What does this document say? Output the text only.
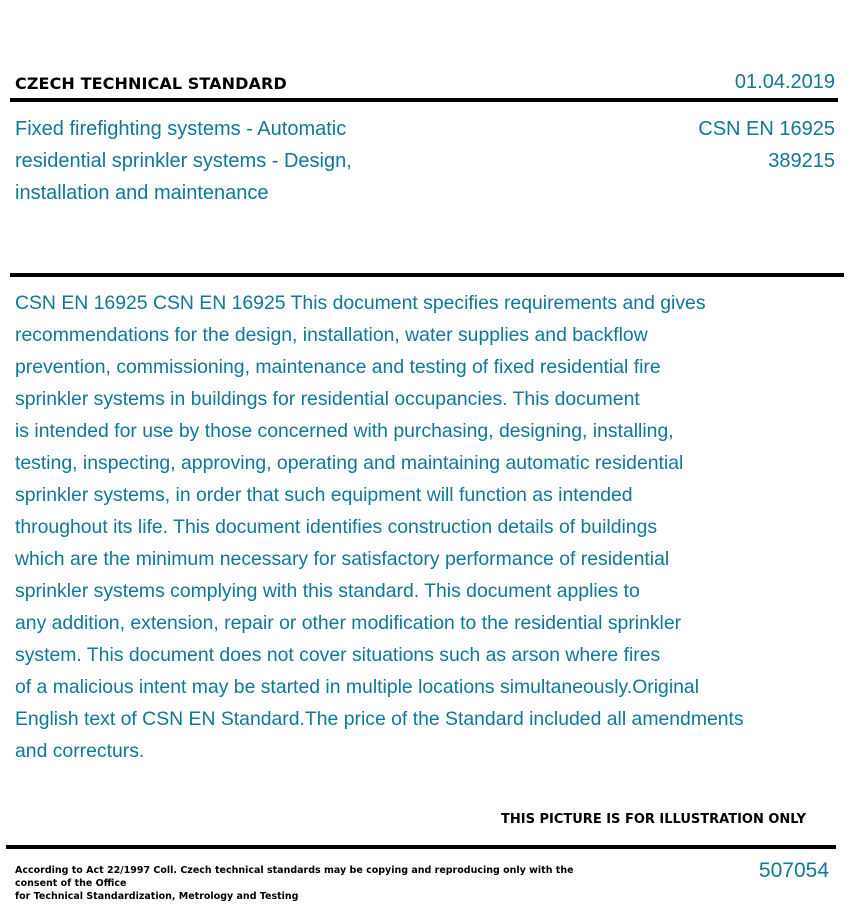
CZECH TECHNICAL STANDARD	01.04.2019
Fixed firefighting systems - Automatic residential sprinkler systems - Design, installation and maintenance
CSN EN 16925
389215
CSN EN 16925 CSN EN 16925 This document specifies requirements and gives
recommendations for the design, installation, water supplies and backflow
prevention, commissioning, maintenance and testing of fixed residential fire
sprinkler systems in buildings for residential occupancies. This document
is intended for use by those concerned with purchasing, designing, installing,
testing, inspecting, approving, operating and maintaining automatic residential
sprinkler systems, in order that such equipment will function as intended
throughout its life. This document identifies construction details of buildings
which are the minimum necessary for satisfactory performance of residential
sprinkler systems complying with this standard. This document applies to
any addition, extension, repair or other modification to the residential sprinkler
system. This document does not cover situations such as arson where fires
of a malicious intent may be started in multiple locations simultaneously.Original
English text of CSN EN Standard.The price of the Standard included all amendments
and correcturs.
THIS PICTURE IS FOR ILLUSTRATION ONLY
According to Act 22/1997 Coll. Czech technical standards may be copying and reproducing only with the consent of the Office
for Technical Standardization, Metrology and Testing
507054
